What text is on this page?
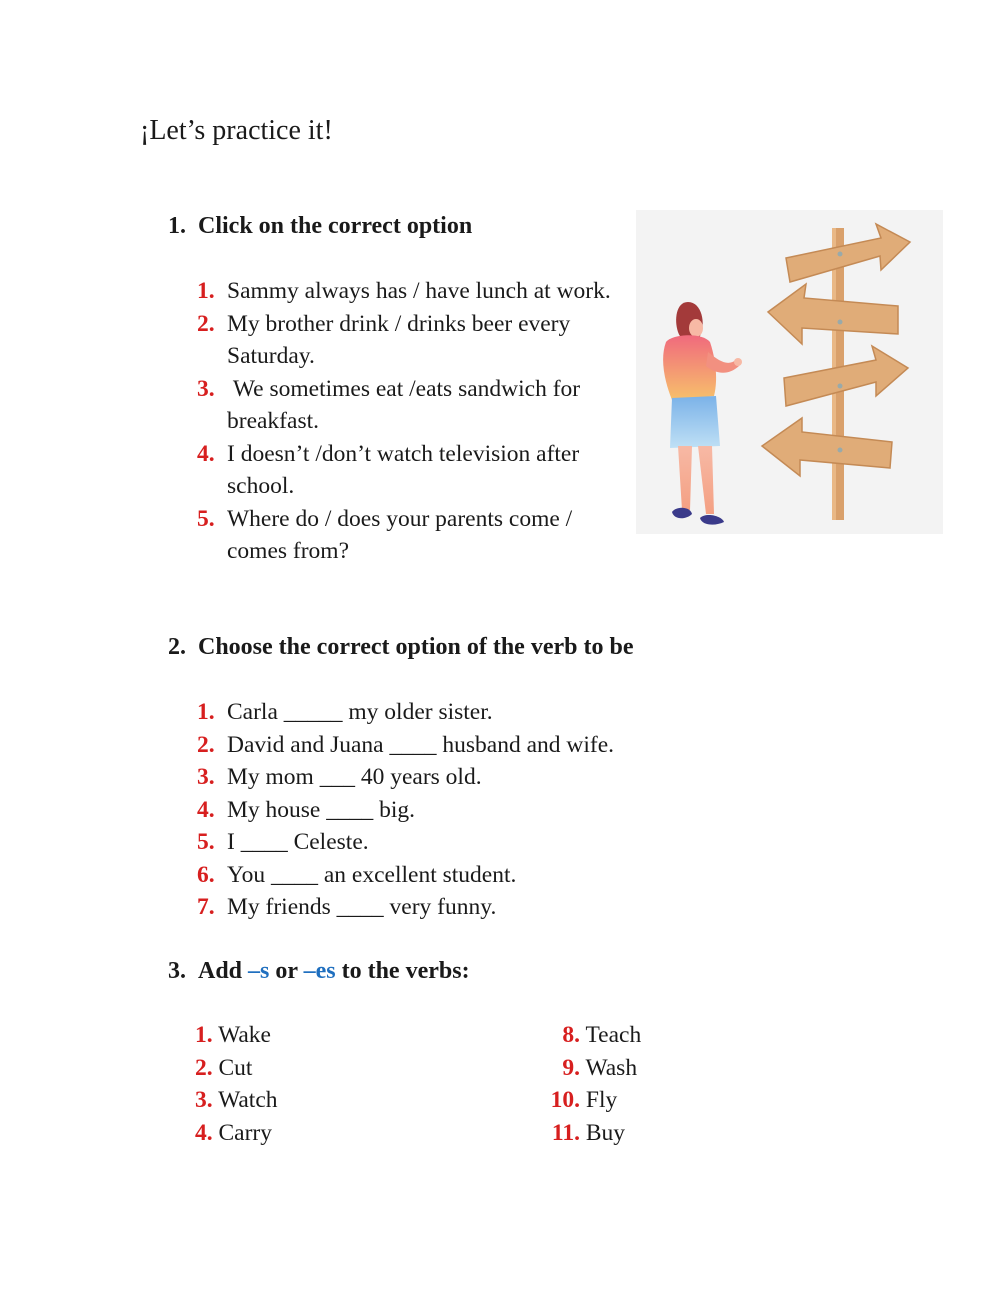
¡Let’s practice it!
1. Click on the correct option
1. Sammy always has / have lunch at work.
2. My brother drink / drinks beer every Saturday.
3. We sometimes eat /eats sandwich for breakfast.
4. I doesn’t /don’t watch television after school.
5. Where do / does your parents come / comes from?
2. Choose the correct option of the verb to be
1. Carla _____ my older sister.
2. David and Juana ____ husband and wife.
3. My mom ___ 40 years old.
4. My house ____ big.
5. I ____ Celeste.
6. You ____ an excellent student.
7. My friends ____ very funny.
3. Add –s or –es to the verbs:
1. Wake	8. Teach
2. Cut	9. Wash
3. Watch	10. Fly
4. Carry	11. Buy
